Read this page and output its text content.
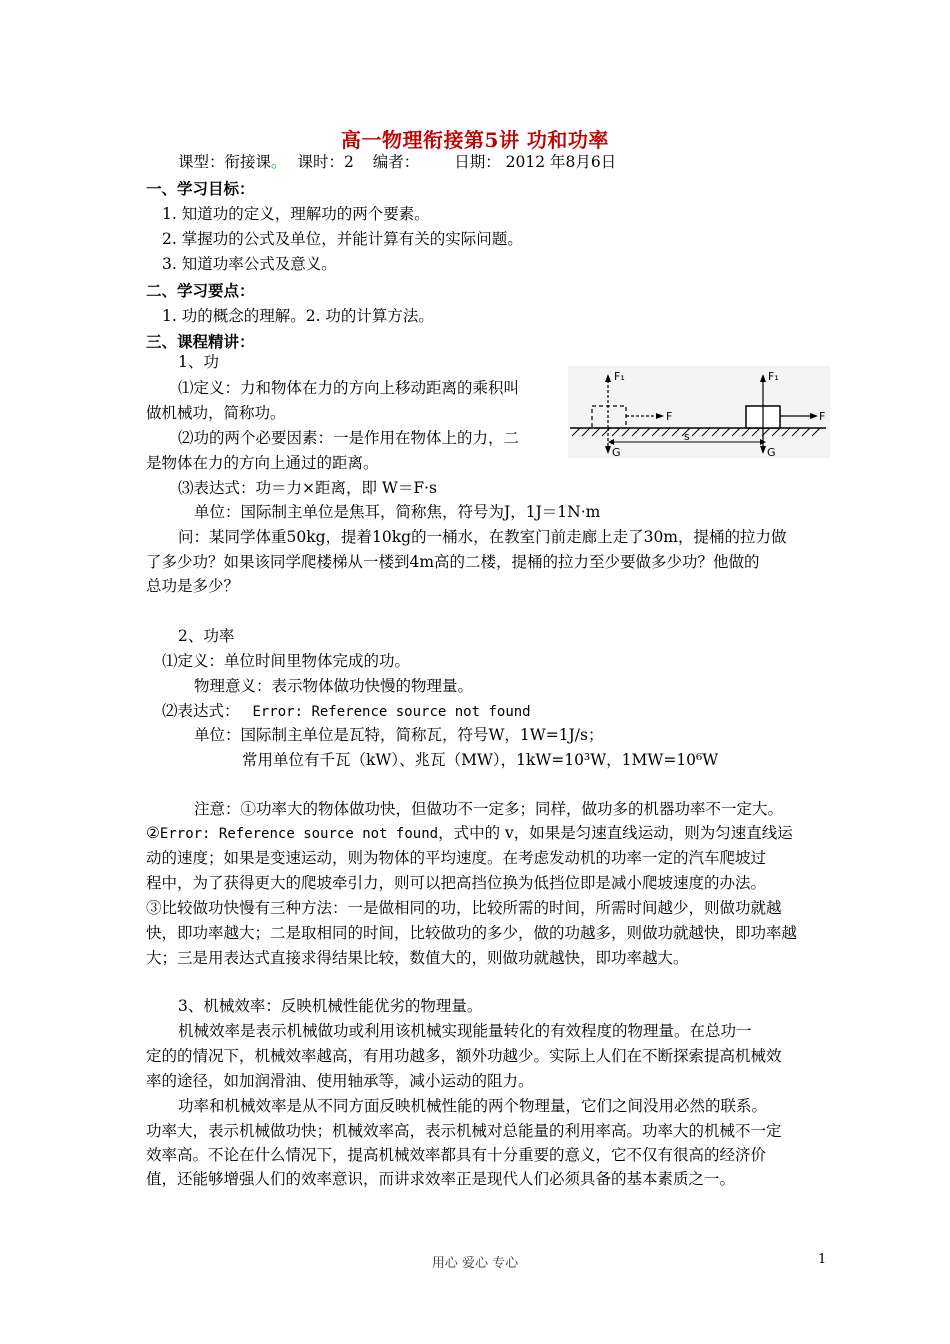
高一物理衔接第5讲 功和功率
课型：衔接课。 课时：2 编者： 日期： 2012 年8月6日
一、学习目标：
1. 知道功的定义，理解功的两个要素。
2. 掌握功的公式及单位，并能计算有关的实际问题。
3. 知道功率公式及意义。
二、学习要点：
1. 功的概念的理解。2. 功的计算方法。
三、课程精讲：
1、功
⑴定义：力和物体在力的方向上移动距离的乘积叫
做机械功，简称功。
⑵功的两个必要因素：一是作用在物体上的力，二
是物体在力的方向上通过的距离。
⑶表达式：功＝力×距离，即 W＝F·s
单位：国际制主单位是焦耳，简称焦，符号为J，1J＝1N·m
问：某同学体重50kg，提着10kg的一桶水，在教室门前走廊上走了30m，提桶的拉力做
了多少功？如果该同学爬楼梯从一楼到4m高的二楼，提桶的拉力至少要做多少功？他做的
总功是多少？
F₁
F
G
s
F₁
F
G
2、功率
⑴定义：单位时间里物体完成的功。
物理意义：表示物体做功快慢的物理量。
⑵表达式： Error: Reference source not found
单位：国际制主单位是瓦特，简称瓦，符号W，1W=1J/s；
常用单位有千瓦（kW）、兆瓦（MW），1kW=10³W，1MW=10⁶W
注意：①功率大的物体做功快，但做功不一定多；同样，做功多的机器功率不一定大。
②Error: Reference source not found，式中的 v，如果是匀速直线运动，则为匀速直线运
动的速度；如果是变速运动，则为物体的平均速度。在考虑发动机的功率一定的汽车爬坡过
程中，为了获得更大的爬坡牵引力，则可以把高挡位换为低挡位即是减小爬坡速度的办法。
③比较做功快慢有三种方法：一是做相同的功，比较所需的时间，所需时间越少，则做功就越
快，即功率越大；二是取相同的时间，比较做功的多少，做的功越多，则做功就越快，即功率越
大；三是用表达式直接求得结果比较，数值大的，则做功就越快，即功率越大。
3、机械效率：反映机械性能优劣的物理量。
机械效率是表示机械做功或利用该机械实现能量转化的有效程度的物理量。在总功一
定的的情况下，机械效率越高，有用功越多，额外功越少。实际上人们在不断探索提高机械效
率的途径，如加润滑油、使用轴承等，减小运动的阻力。
功率和机械效率是从不同方面反映机械性能的两个物理量，它们之间没用必然的联系。
功率大，表示机械做功快；机械效率高，表示机械对总能量的利用率高。功率大的机械不一定
效率高。不论在什么情况下，提高机械效率都具有十分重要的意义，它不仅有很高的经济价
值，还能够增强人们的效率意识，而讲求效率正是现代人们必须具备的基本素质之一。
用心 爱心 专心	1
